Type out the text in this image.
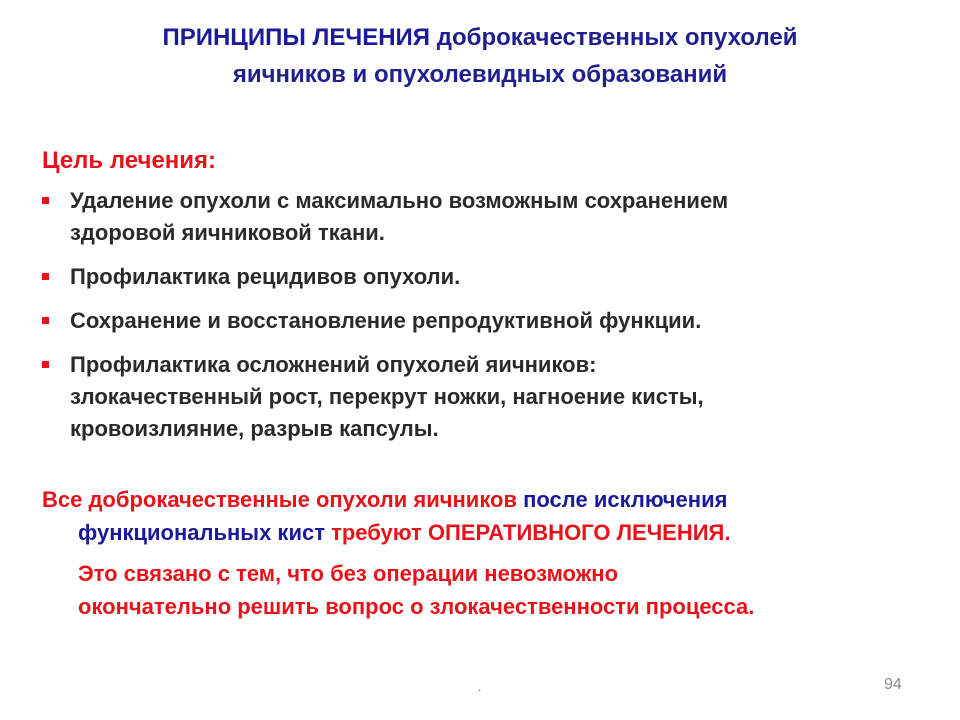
ПРИНЦИПЫ ЛЕЧЕНИЯ доброкачественных опухолей
яичников и опухолевидных образований
Цель лечения:
Удаление опухоли с максимально возможным сохранением
здоровой яичниковой ткани.
Профилактика рецидивов опухоли.
Сохранение и восстановление репродуктивной функции.
Профилактика осложнений опухолей яичников:
злокачественный рост, перекрут ножки, нагноение кисты,
кровоизлияние, разрыв капсулы.
Все доброкачественные опухоли яичников после исключения
функциональных кист требуют ОПЕРАТИВНОГО ЛЕЧЕНИЯ.
Это связано с тем, что без операции невозможно
окончательно решить вопрос о злокачественности процесса.
.	94
